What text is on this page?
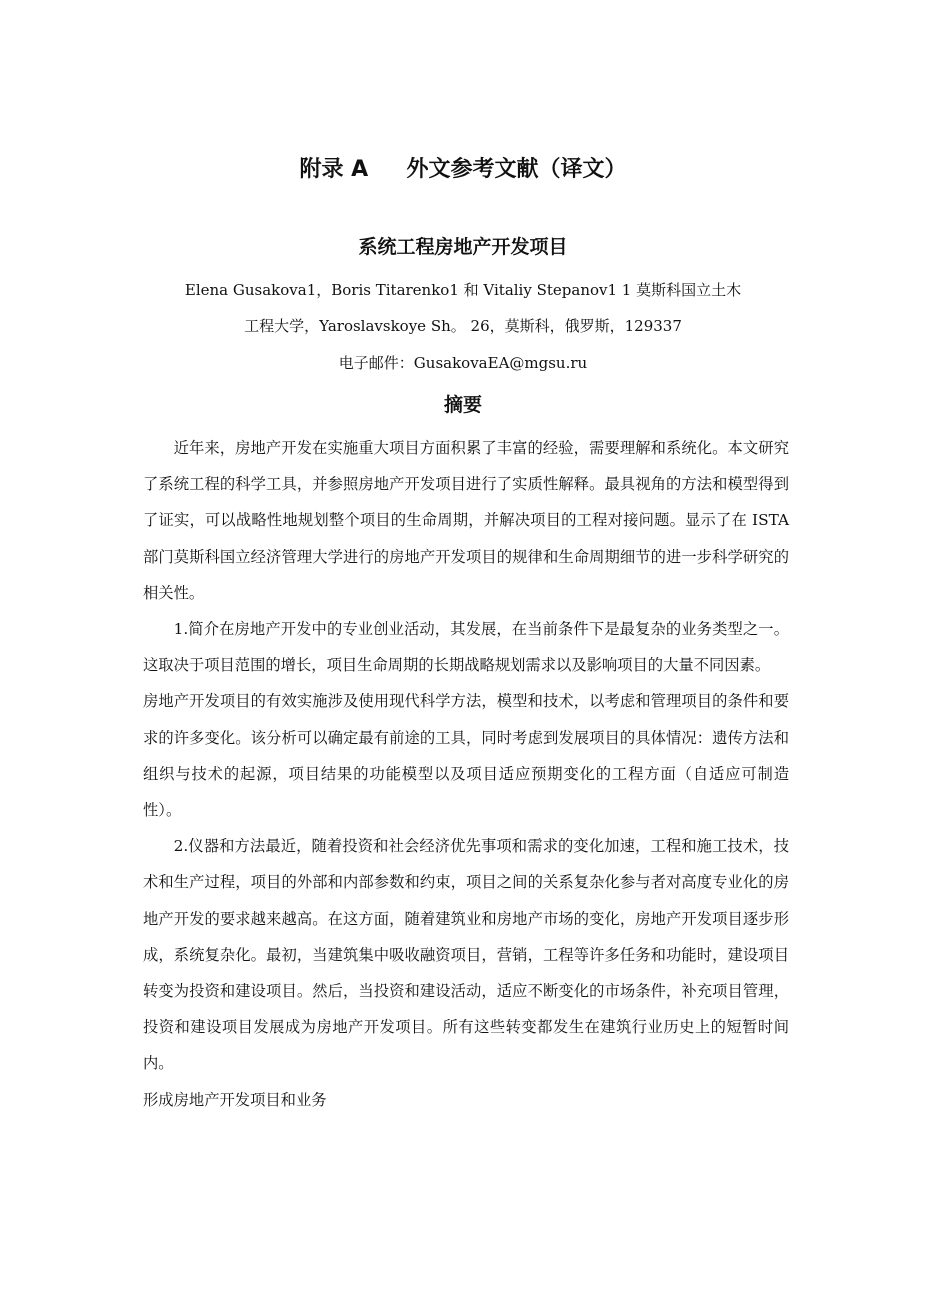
附录 A     外文参考文献（译文）
系统工程房地产开发项目
Elena Gusakova1，Boris Titarenko1 和 Vitaliy Stepanov1 1 莫斯科国立土木
工程大学，Yaroslavskoye Sh。 26，莫斯科，俄罗斯，129337
电子邮件：GusakovaEA@mgsu.ru
摘要

近年来，房地产开发在实施重大项目方面积累了丰富的经验，需要理解和系统化。本文研究了系统工程的科学工具，并参照房地产开发项目进行了实质性解释。最具视角的方法和模型得到了证实，可以战略性地规划整个项目的生命周期，并解决项目的工程对接问题。显示了在 ISTA 部门莫斯科国立经济管理大学进行的房地产开发项目的规律和生命周期细节的进一步科学研究的相关性。

1.简介在房地产开发中的专业创业活动，其发展，在当前条件下是最复杂的业务类型之一。这取决于项目范围的增长，项目生命周期的长期战略规划需求以及影响项目的大量不同因素。

房地产开发项目的有效实施涉及使用现代科学方法，模型和技术，以考虑和管理项目的条件和要求的许多变化。该分析可以确定最有前途的工具，同时考虑到发展项目的具体情况：遗传方法和组织与技术的起源，项目结果的功能模型以及项目适应预期变化的工程方面（自适应可制造性）。

2.仪器和方法最近，随着投资和社会经济优先事项和需求的变化加速，工程和施工技术，技术和生产过程，项目的外部和内部参数和约束，项目之间的关系复杂化参与者对高度专业化的房地产开发的要求越来越高。在这方面，随着建筑业和房地产市场的变化，房地产开发项目逐步形成，系统复杂化。最初，当建筑集中吸收融资项目，营销，工程等许多任务和功能时，建设项目转变为投资和建设项目。然后，当投资和建设活动，适应不断变化的市场条件，补充项目管理，投资和建设项目发展成为房地产开发项目。所有这些转变都发生在建筑行业历史上的短暂时间内。

形成房地产开发项目和业务
